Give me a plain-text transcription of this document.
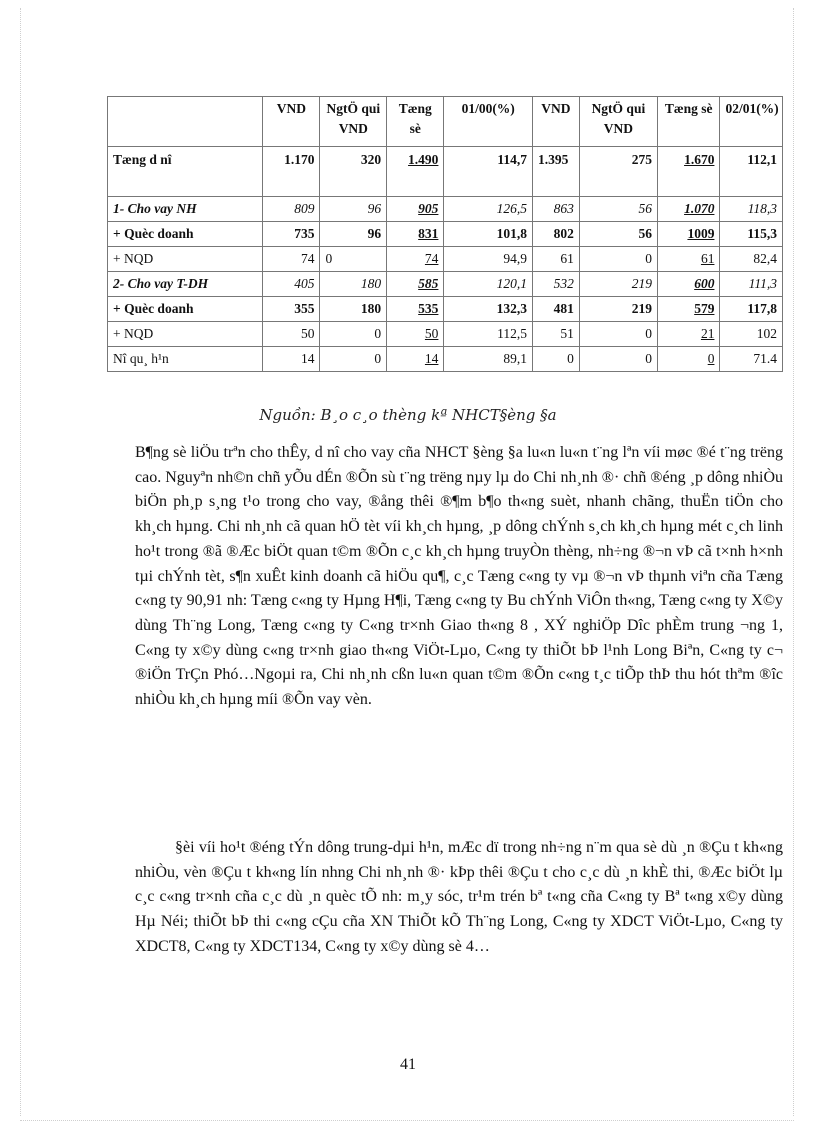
	VND	NgtÖ qui VND	Tæng sè	01/00(%)	VND	NgtÖ qui VND	Tæng sè	02/01(%)
Tæng d nî	1.170	320	1.490	114,7	1.395	275	1.670	112,1
1- Cho vay NH	809	96	905	126,5	863	56	1.070	118,3
+ Quèc doanh	735	96	831	101,8	802	56	1009	115,3
+ NQD	74	0	74	94,9	61	0	61	82,4
2- Cho vay T-DH	405	180	585	120,1	532	219	600	111,3
+ Quèc doanh	355	180	535	132,3	481	219	579	117,8
+ NQD	50	0	50	112,5	51	0	21	102
Nî qu¸ h¹n	14	0	14	89,1	0	0	0	71.4
Nguồn: B¸o c¸o thèng kª NHCT§èng §a

B¶ng sè liÖu trªn cho thÊy, d nî cho vay cña NHCT §èng §a lu«n lu«n t¨ng lªn víi møc ®é t¨ng trëng cao. Nguyªn nh©n chñ yÕu dÉn ®Õn sù t¨ng trëng nµy lµ do Chi nh¸nh ®· chñ ®éng ¸p dông nhiÒu biÖn ph¸p s¸ng t¹o trong cho vay, ®ång thêi ®¶m b¶o th«ng suèt, nhanh chãng, thuËn tiÖn cho kh¸ch hµng. Chi nh¸nh cã quan hÖ tèt víi kh¸ch hµng, ¸p dông chÝnh s¸ch kh¸ch hµng mét c¸ch linh ho¹t trong ®ã ®Æc biÖt quan t©m ®Õn c¸c kh¸ch hµng truyÒn thèng, nh÷ng ®¬n vÞ cã t×nh h×nh tµi chÝnh tèt, s¶n xuÊt kinh doanh cã hiÖu qu¶, c¸c Tæng c«ng ty vµ ®¬n vÞ thµnh viªn cña Tæng c«ng ty 90,91 nh: Tæng c«ng ty Hµng H¶i, Tæng c«ng ty Bu chÝnh ViÔn th«ng, Tæng c«ng ty X©y dùng Th¨ng Long, Tæng c«ng ty C«ng tr×nh Giao th«ng 8 , XÝ nghiÖp Dîc phÈm trung ¬ng 1, C«ng ty x©y dùng c«ng tr×nh giao th«ng ViÖt-Lµo, C«ng ty thiÕt bÞ l¹nh Long Biªn, C«ng ty c¬ ®iÖn TrÇn Phó…Ngoµi ra, Chi nh¸nh cßn lu«n quan t©m ®Õn c«ng t¸c tiÕp thÞ thu hót thªm ®îc nhiÒu kh¸ch hµng míi ®Õn vay vèn.

§èi víi ho¹t ®éng tÝn dông trung-dµi h¹n, mÆc dï trong nh÷ng n¨m qua sè dù ¸n ®Çu t kh«ng nhiÒu, vèn ®Çu t kh«ng lín nhng Chi nh¸nh ®· kÞp thêi ®Çu t cho c¸c dù ¸n khÈ thi, ®Æc biÖt lµ c¸c c«ng tr×nh cña c¸c dù ¸n quèc tÕ nh: m¸y sóc, tr¹m trén bª t«ng cña C«ng ty Bª t«ng x©y dùng Hµ Néi; thiÕt bÞ thi c«ng cÇu cña XN ThiÕt kÕ Th¨ng Long, C«ng ty XDCT ViÖt-Lµo, C«ng ty XDCT8, C«ng ty XDCT134, C«ng ty x©y dùng sè 4…

41
